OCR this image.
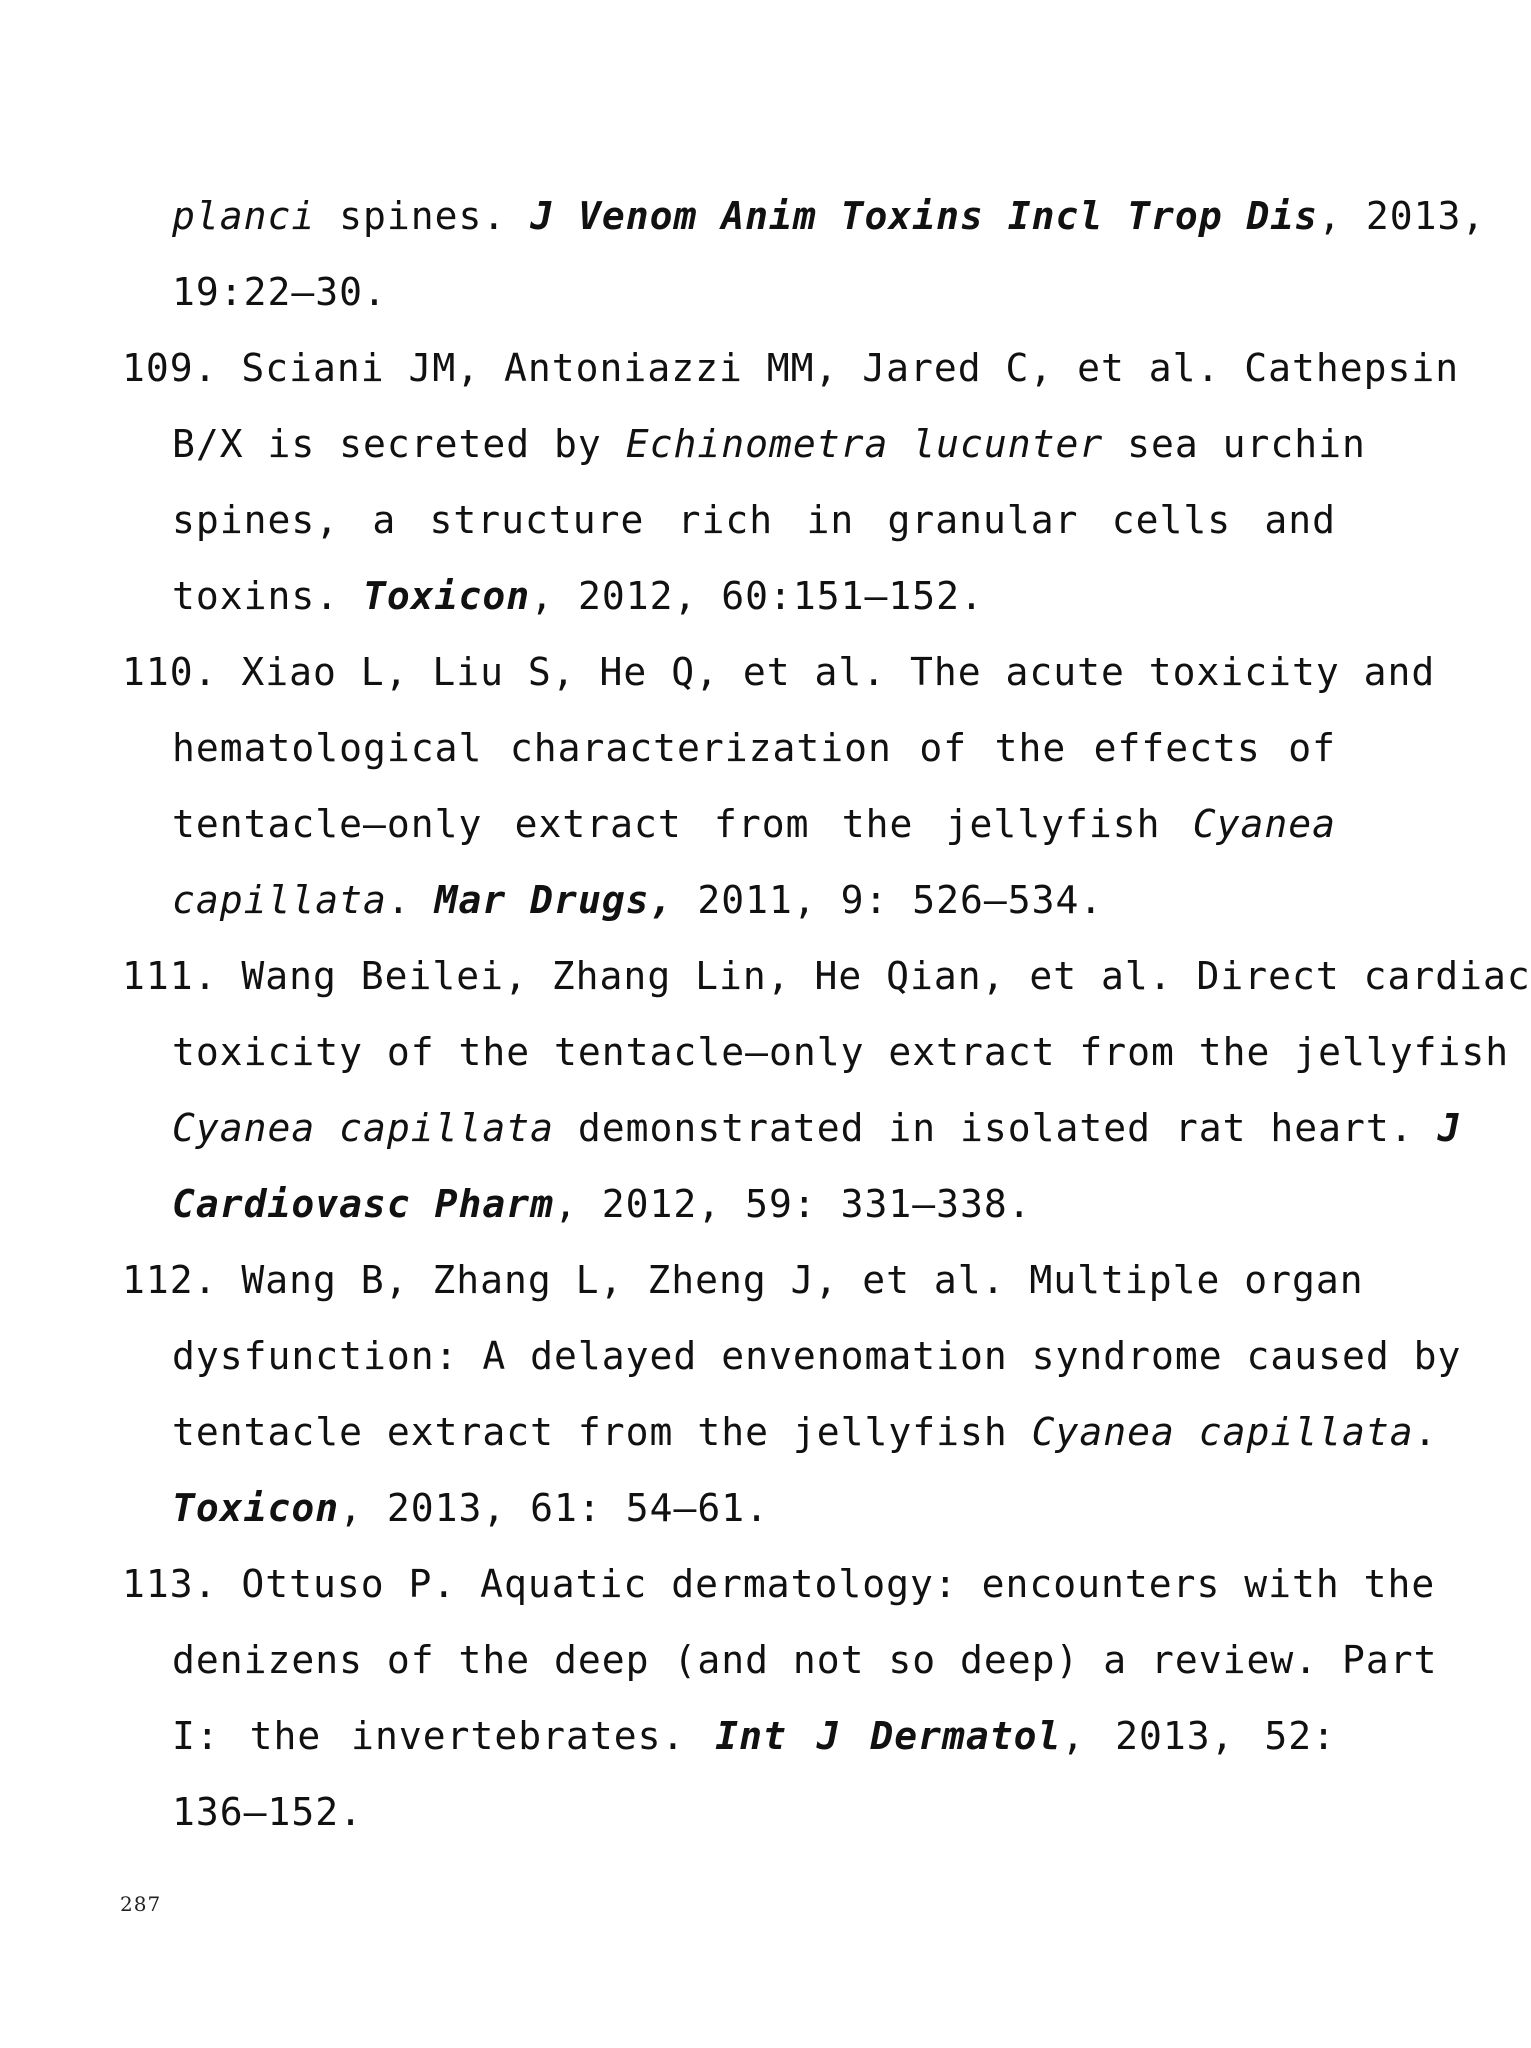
planci spines. J Venom Anim Toxins Incl Trop Dis, 2013,
19:22–30.
109. Sciani JM, Antoniazzi MM, Jared C, et al. Cathepsin
B/X is secreted by Echinometra lucunter sea urchin
spines, a structure rich in granular cells and
toxins. Toxicon, 2012, 60:151–152.
110. Xiao L, Liu S, He Q, et al. The acute toxicity and
hematological characterization of the effects of
tentacle–only extract from the jellyfish Cyanea
capillata. Mar Drugs, 2011, 9: 526–534.
111. Wang Beilei, Zhang Lin, He Qian, et al. Direct cardiac
toxicity of the tentacle–only extract from the jellyfish
Cyanea capillata demonstrated in isolated rat heart. J
Cardiovasc Pharm, 2012, 59: 331–338.
112. Wang B, Zhang L, Zheng J, et al. Multiple organ
dysfunction: A delayed envenomation syndrome caused by
tentacle extract from the jellyfish Cyanea capillata.
Toxicon, 2013, 61: 54–61.
113. Ottuso P. Aquatic dermatology: encounters with the
denizens of the deep (and not so deep) a review. Part
I: the invertebrates. Int J Dermatol, 2013, 52:
136–152.
287
